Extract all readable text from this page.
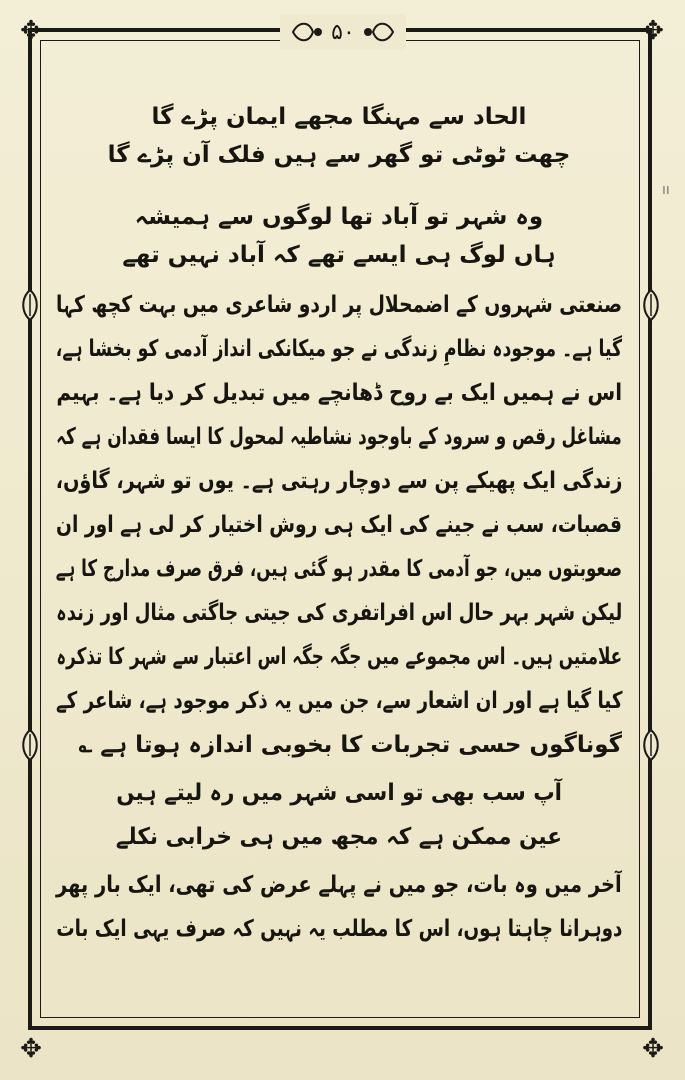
✥	✥
✥	✥
۵۰
ıı
الحاد سے مہنگا مجھے ایمان پڑے گا
چھت ٹوٹی تو گھر سے ہیں فلک آن پڑے گا
وہ شہر تو آباد تھا لوگوں سے ہمیشہ
ہاں لوگ ہی ایسے تھے کہ آباد نہیں تھے
صنعتی شہروں کے اضمحلال پر اردو شاعری میں بہت کچھ کہا
گیا ہے۔ موجودہ نظامِ زندگی نے جو میکانکی انداز آدمی کو بخشا ہے،
اس نے ہمیں ایک بے روح ڈھانچے میں تبدیل کر دیا ہے۔ بہیم
مشاغل رقص و سرود کے باوجود نشاطیہ لمحول کا ایسا فقدان ہے کہ
زندگی ایک پھیکے پن سے دوچار رہتی ہے۔ یوں تو شہر، گاؤں،
قصبات، سب نے جینے کی ایک ہی روش اختیار کر لی ہے اور ان
صعوبتوں میں، جو آدمی کا مقدر ہو گئی ہیں، فرق صرف مدارج کا ہے
لیکن شہر بہر حال اس افراتفری کی جیتی جاگتی مثال اور زندہ
علامتیں ہیں۔ اس مجموعے میں جگہ جگہ اس اعتبار سے شہر کا تذکرہ
کیا گیا ہے اور ان اشعار سے، جن میں یہ ذکر موجود ہے، شاعر کے
گوناگوں حسی تجربات کا بخوبی اندازہ ہوتا ہے ؎
آپ سب بھی تو اسی شہر میں رہ لیتے ہیں
عین ممکن ہے کہ مجھ میں ہی خرابی نکلے
آخر میں وہ بات، جو میں نے پہلے عرض کی تھی، ایک بار پھر
دوہرانا چاہتا ہوں، اس کا مطلب یہ نہیں کہ صرف یہی ایک بات
